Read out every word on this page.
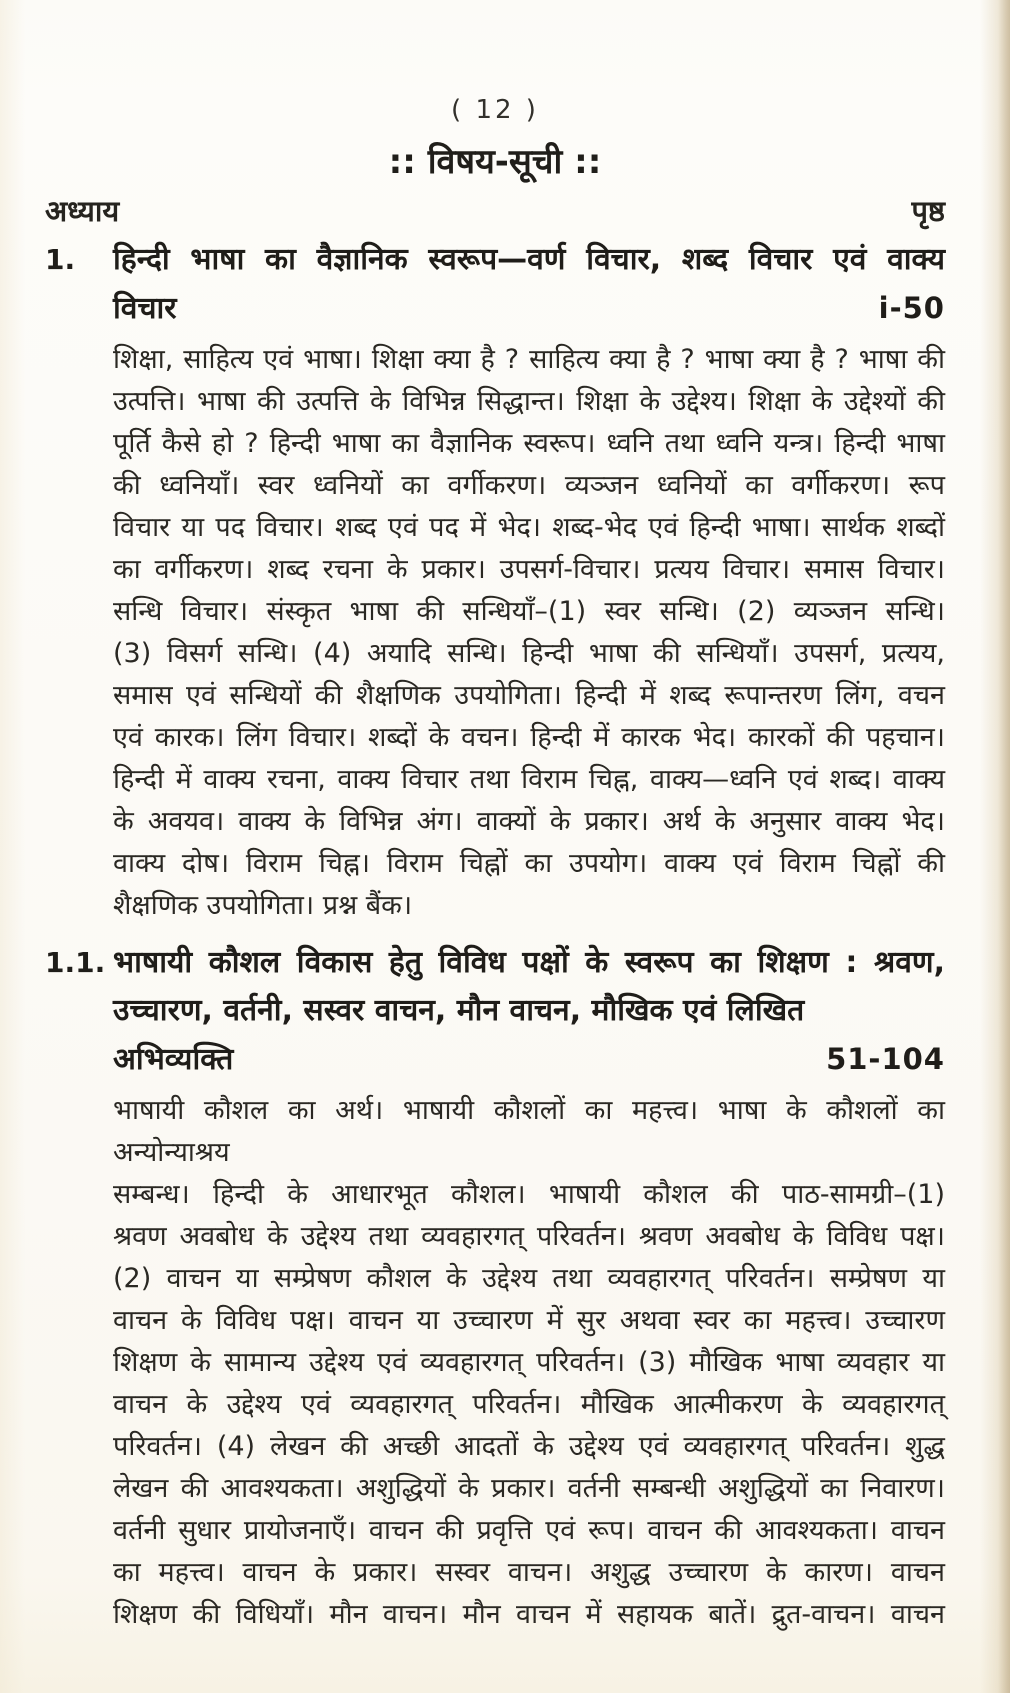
( 12 )
:: विषय-सूची ::
अध्याय	पृष्ठ
1.	हिन्दी भाषा का वैज्ञानिक स्वरूप—वर्ण विचार, शब्द विचार एवं वाक्य
विचार	i-50
शिक्षा, साहित्य एवं भाषा। शिक्षा क्या है ? साहित्य क्या है ? भाषा क्या है ? भाषा की
उत्पत्ति। भाषा की उत्पत्ति के विभिन्न सिद्धान्त। शिक्षा के उद्देश्य। शिक्षा के उद्देश्यों की
पूर्ति कैसे हो ? हिन्दी भाषा का वैज्ञानिक स्वरूप। ध्वनि तथा ध्वनि यन्त्र। हिन्दी भाषा
की ध्वनियाँ। स्वर ध्वनियों का वर्गीकरण। व्यञ्जन ध्वनियों का वर्गीकरण। रूप
विचार या पद विचार। शब्द एवं पद में भेद। शब्द-भेद एवं हिन्दी भाषा। सार्थक शब्दों
का वर्गीकरण। शब्द रचना के प्रकार। उपसर्ग-विचार। प्रत्यय विचार। समास विचार।
सन्धि विचार। संस्कृत भाषा की सन्धियाँ–(1) स्वर सन्धि। (2) व्यञ्जन सन्धि।
(3) विसर्ग सन्धि। (4) अयादि सन्धि। हिन्दी भाषा की सन्धियाँ। उपसर्ग, प्रत्यय,
समास एवं सन्धियों की शैक्षणिक उपयोगिता। हिन्दी में शब्द रूपान्तरण लिंग, वचन
एवं कारक। लिंग विचार। शब्दों के वचन। हिन्दी में कारक भेद। कारकों की पहचान।
हिन्दी में वाक्य रचना, वाक्य विचार तथा विराम चिह्न, वाक्य—ध्वनि एवं शब्द। वाक्य
के अवयव। वाक्य के विभिन्न अंग। वाक्यों के प्रकार। अर्थ के अनुसार वाक्य भेद।
वाक्य दोष। विराम चिह्न। विराम चिह्नों का उपयोग। वाक्य एवं विराम चिह्नों की
शैक्षणिक उपयोगिता। प्रश्न बैंक।
1.1. भाषायी कौशल विकास हेतु विविध पक्षों के स्वरूप का शिक्षण : श्रवण,
उच्चारण, वर्तनी, सस्वर वाचन, मौन वाचन, मौखिक एवं लिखित
अभिव्यक्ति	51-104
भाषायी कौशल का अर्थ। भाषायी कौशलों का महत्त्व। भाषा के कौशलों का अन्योन्याश्रय
सम्बन्ध। हिन्दी के आधारभूत कौशल। भाषायी कौशल की पाठ-सामग्री–(1)
श्रवण अवबोध के उद्देश्य तथा व्यवहारगत् परिवर्तन। श्रवण अवबोध के विविध पक्ष।
(2) वाचन या सम्प्रेषण कौशल के उद्देश्य तथा व्यवहारगत् परिवर्तन। सम्प्रेषण या
वाचन के विविध पक्ष। वाचन या उच्चारण में सुर अथवा स्वर का महत्त्व। उच्चारण
शिक्षण के सामान्य उद्देश्य एवं व्यवहारगत् परिवर्तन। (3) मौखिक भाषा व्यवहार या
वाचन के उद्देश्य एवं व्यवहारगत् परिवर्तन। मौखिक आत्मीकरण के व्यवहारगत्
परिवर्तन। (4) लेखन की अच्छी आदतों के उद्देश्य एवं व्यवहारगत् परिवर्तन। शुद्ध
लेखन की आवश्यकता। अशुद्धियों के प्रकार। वर्तनी सम्बन्धी अशुद्धियों का निवारण।
वर्तनी सुधार प्रायोजनाएँ। वाचन की प्रवृत्ति एवं रूप। वाचन की आवश्यकता। वाचन
का महत्त्व। वाचन के प्रकार। सस्वर वाचन। अशुद्ध उच्चारण के कारण। वाचन
शिक्षण की विधियाँ। मौन वाचन। मौन वाचन में सहायक बातें। द्रुत-वाचन। वाचन
